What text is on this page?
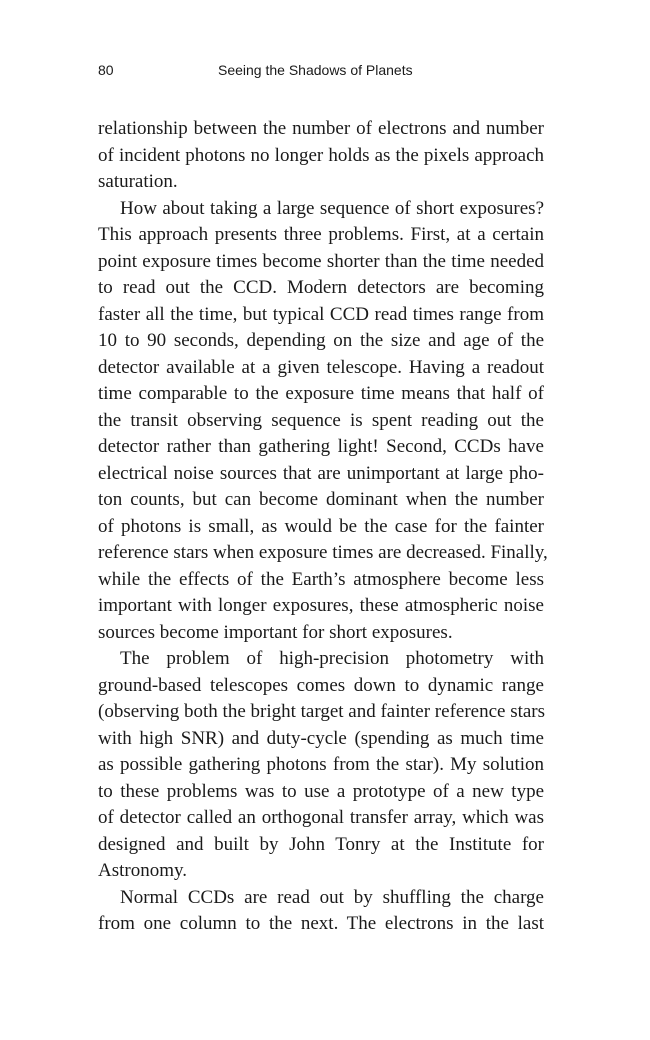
80	Seeing the Shadows of Planets
relationship between the number of electrons and number
of incident photons no longer holds as the pixels approach
saturation.
How about taking a large sequence of short exposures?
This approach presents three problems. First, at a certain
point exposure times become shorter than the time needed
to read out the CCD. Modern detectors are becoming
faster all the time, but typical CCD read times range from
10 to 90 seconds, depending on the size and age of the
detector available at a given telescope. Having a readout
time comparable to the exposure time means that half of
the transit observing sequence is spent reading out the
detector rather than gathering light! Second, CCDs have
electrical noise sources that are unimportant at large pho-
ton counts, but can become dominant when the number
of photons is small, as would be the case for the fainter
reference stars when exposure times are decreased. Finally,
while the effects of the Earth’s atmosphere become less
important with longer exposures, these atmospheric noise
sources become important for short exposures.
The problem of high-precision photometry with
ground-based telescopes comes down to dynamic range
(observing both the bright target and fainter reference stars
with high SNR) and duty-cycle (spending as much time
as possible gathering photons from the star). My solution
to these problems was to use a prototype of a new type
of detector called an orthogonal transfer array, which was
designed and built by John Tonry at the Institute for
Astronomy.
Normal CCDs are read out by shuffling the charge
from one column to the next. The electrons in the last
